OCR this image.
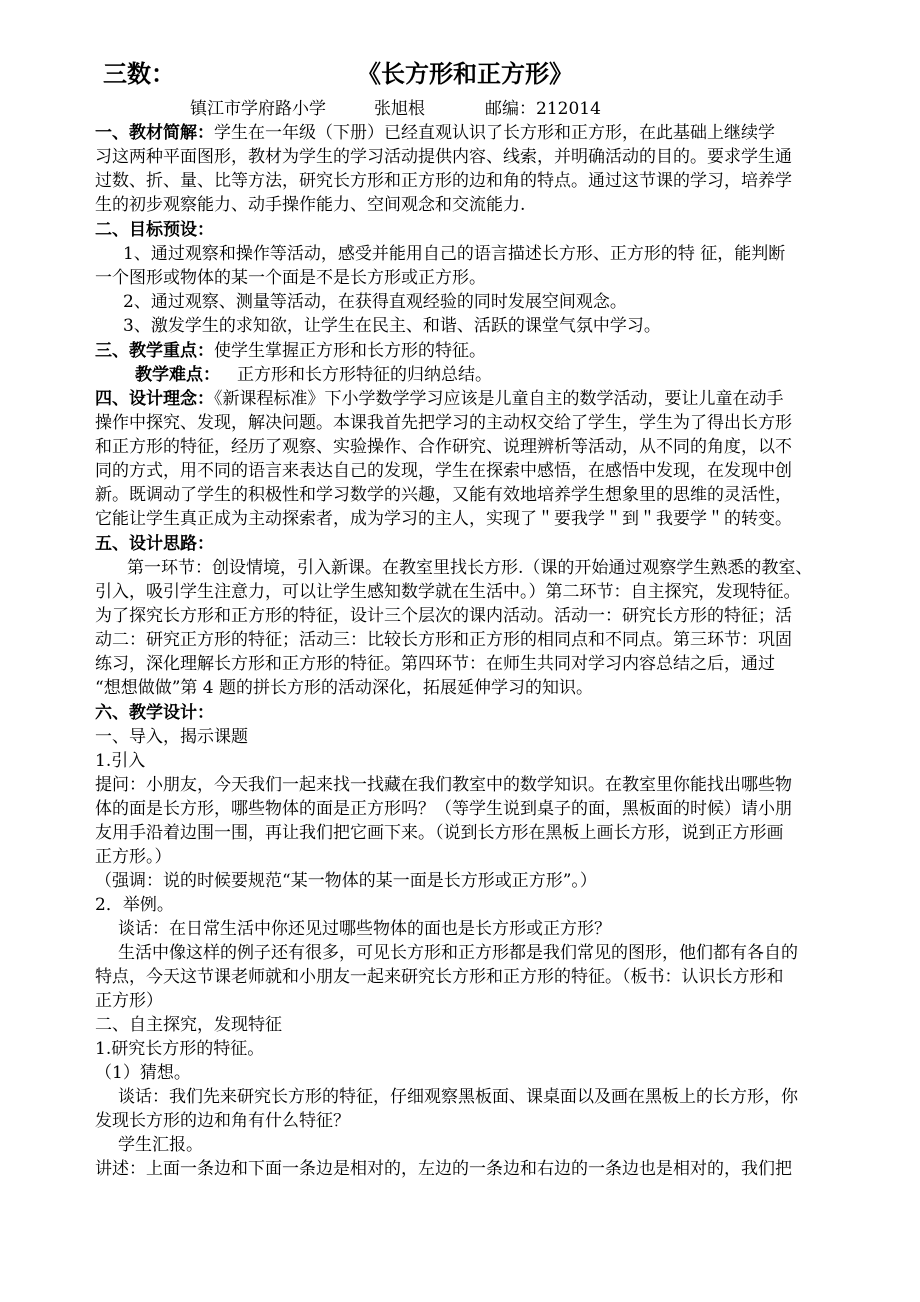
三数：	《长方形和正方形》
镇江市学府路小学	张旭根	邮编：212014
一、教材简解：学生在一年级（下册）已经直观认识了长方形和正方形，在此基础上继续学
习这两种平面图形，教材为学生的学习活动提供内容、线索，并明确活动的目的。要求学生通
过数、折、量、比等方法，研究长方形和正方形的边和角的特点。通过这节课的学习，培养学
生的初步观察能力、动手操作能力、空间观念和交流能力.
二、目标预设：
1、通过观察和操作等活动，感受并能用自己的语言描述长方形、正方形的特 征，能判断
一个图形或物体的某一个面是不是长方形或正方形。
2、通过观察、测量等活动，在获得直观经验的同时发展空间观念。
3、激发学生的求知欲，让学生在民主、和谐、活跃的课堂气氛中学习。
三、教学重点：使学生掌握正方形和长方形的特征。
教学难点： 正方形和长方形特征的归纳总结。
四、设计理念：《新课程标准》下小学数学学习应该是儿童自主的数学活动，要让儿童在动手
操作中探究、发现，解决问题。本课我首先把学习的主动权交给了学生，学生为了得出长方形
和正方形的特征，经历了观察、实验操作、合作研究、说理辨析等活动，从不同的角度，以不
同的方式，用不同的语言来表达自己的发现，学生在探索中感悟，在感悟中发现，在发现中创
新。既调动了学生的积极性和学习数学的兴趣，又能有效地培养学生想象里的思维的灵活性，
它能让学生真正成为主动探索者，成为学习的主人，实现了＂要我学＂到＂我要学＂的转变。
五、设计思路：
第一环节：创设情境，引入新课。在教室里找长方形.（课的开始通过观察学生熟悉的教室、
引入，吸引学生注意力，可以让学生感知数学就在生活中。）第二环节：自主探究，发现特征。
为了探究长方形和正方形的特征，设计三个层次的课内活动。活动一：研究长方形的特征；活
动二：研究正方形的特征；活动三：比较长方形和正方形的相同点和不同点。第三环节：巩固
练习，深化理解长方形和正方形的特征。第四环节：在师生共同对学习内容总结之后，通过
“想想做做”第 4 题的拼长方形的活动深化，拓展延伸学习的知识。
六、教学设计：
一、导入，揭示课题
1.引入
提问：小朋友，今天我们一起来找一找藏在我们教室中的数学知识。在教室里你能找出哪些物
体的面是长方形，哪些物体的面是正方形吗？（等学生说到桌子的面，黑板面的时候）请小朋
友用手沿着边围一围，再让我们把它画下来。（说到长方形在黑板上画长方形，说到正方形画
正方形。）
（强调：说的时候要规范“某一物体的某一面是长方形或正方形”。）
2．举例。
谈话：在日常生活中你还见过哪些物体的面也是长方形或正方形？
生活中像这样的例子还有很多，可见长方形和正方形都是我们常见的图形，他们都有各自的
特点，今天这节课老师就和小朋友一起来研究长方形和正方形的特征。（板书：认识长方形和
正方形）
二、自主探究，发现特征
1.研究长方形的特征。
（1）猜想。
谈话：我们先来研究长方形的特征，仔细观察黑板面、课桌面以及画在黑板上的长方形，你
发现长方形的边和角有什么特征？
学生汇报。
讲述：上面一条边和下面一条边是相对的，左边的一条边和右边的一条边也是相对的，我们把
